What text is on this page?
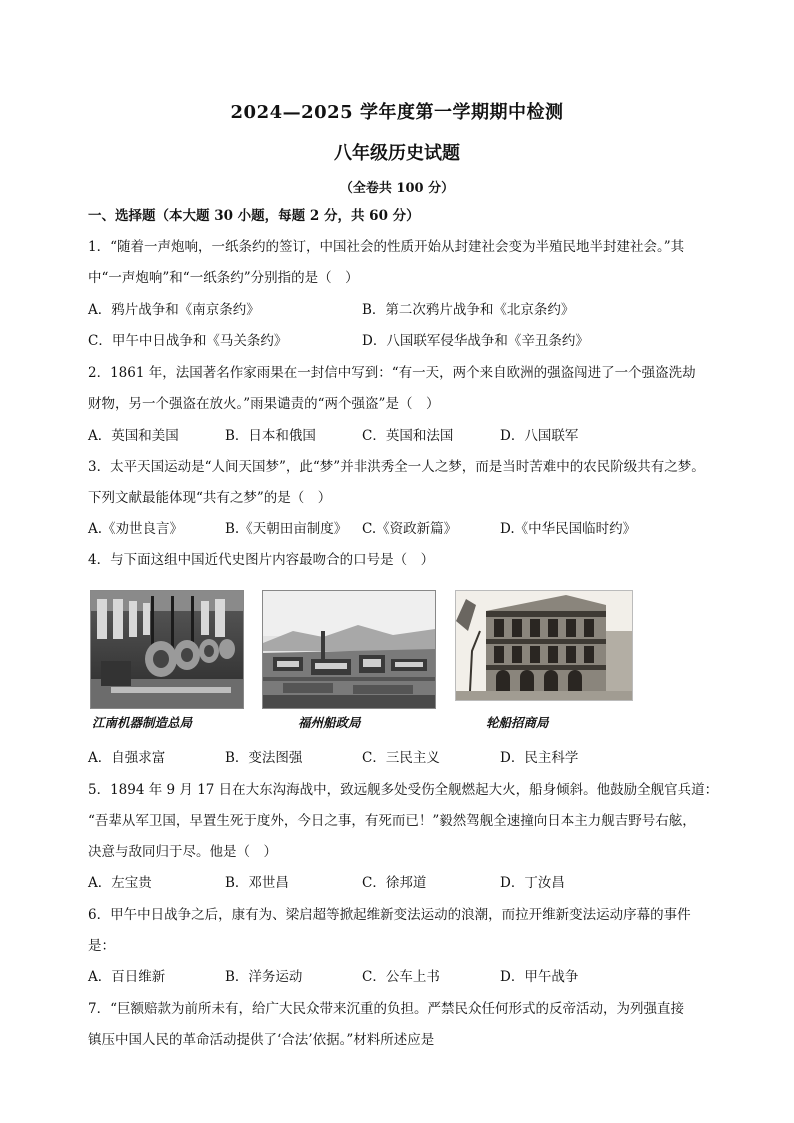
2024—2025 学年度第一学期期中检测
八年级历史试题
（全卷共 100 分）
一、选择题（本大题 30 小题，每题 2 分，共 60 分）
1．“随着一声炮响，一纸条约的签订，中国社会的性质开始从封建社会变为半殖民地半封建社会。”其
中“一声炮响”和“一纸条约”分别指的是（　）
A．鸦片战争和《南京条约》	B．第二次鸦片战争和《北京条约》
C．甲午中日战争和《马关条约》	D．八国联军侵华战争和《辛丑条约》
2．1861 年，法国著名作家雨果在一封信中写到：“有一天，两个来自欧洲的强盗闯进了一个强盗洗劫
财物，另一个强盗在放火。”雨果谴责的“两个强盗”是（　）
A．英国和美国	B．日本和俄国	C．英国和法国	D．八国联军
3．太平天国运动是“人间天国梦”，此“梦”并非洪秀全一人之梦，而是当时苦难中的农民阶级共有之梦。
下列文献最能体现“共有之梦”的是（　）
A.《劝世良言》	B.《天朝田亩制度》 C.《资政新篇》	D.《中华民国临时约》
4．与下面这组中国近代史图片内容最吻合的口号是（　）
江南机器制造总局	福州船政局	轮船招商局
A．自强求富	B．变法图强	C．三民主义	D．民主科学
5．1894 年 9 月 17 日在大东沟海战中，致远舰多处受伤全舰燃起大火，船身倾斜。他鼓励全舰官兵道：
“吾辈从军卫国，早置生死于度外，今日之事，有死而已！”毅然驾舰全速撞向日本主力舰吉野号右舷，
决意与敌同归于尽。他是（　）
A．左宝贵	B．邓世昌	C．徐邦道	D．丁汝昌
6．甲午中日战争之后，康有为、梁启超等掀起维新变法运动的浪潮，而拉开维新变法运动序幕的事件
是：
A．百日维新	B．洋务运动	C．公车上书	D．甲午战争
7．“巨额赔款为前所未有，给广大民众带来沉重的负担。严禁民众任何形式的反帝活动，为列强直接
镇压中国人民的革命活动提供了‘合法’依据。”材料所述应是
